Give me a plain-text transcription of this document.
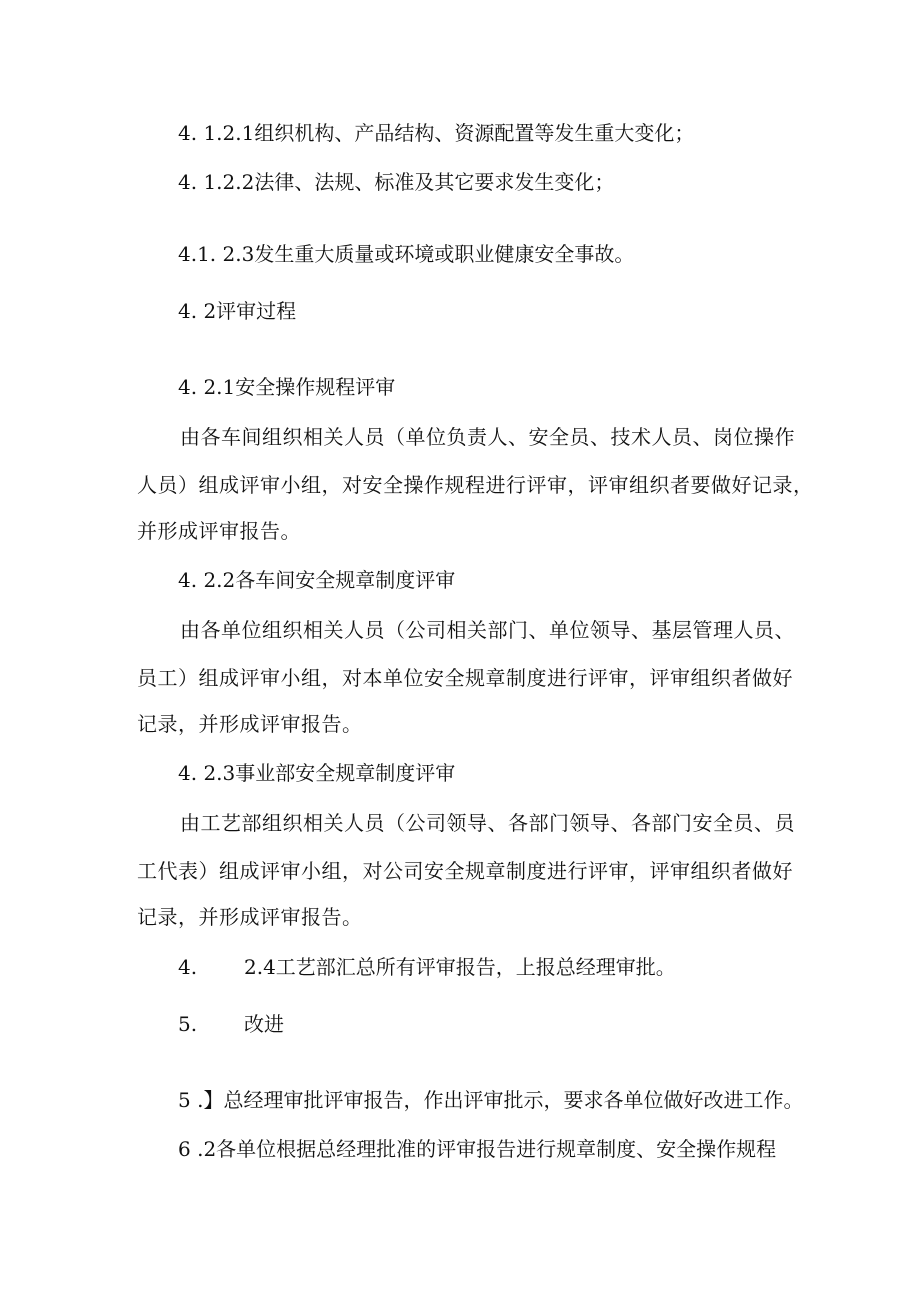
4. 1.2.1组织机构、产品结构、资源配置等发生重大变化；
4. 1.2.2法律、法规、标准及其它要求发生变化；
4.1. 2.3发生重大质量或环境或职业健康安全事故。
4. 2评审过程
4. 2.1安全操作规程评审
由各车间组织相关人员（单位负责人、安全员、技术人员、岗位操作
人员）组成评审小组，对安全操作规程进行评审，评审组织者要做好记录，
并形成评审报告。
4. 2.2各车间安全规章制度评审
由各单位组织相关人员（公司相关部门、单位领导、基层管理人员、
员工）组成评审小组，对本单位安全规章制度进行评审，评审组织者做好
记录，并形成评审报告。
4. 2.3事业部安全规章制度评审
由工艺部组织相关人员（公司领导、各部门领导、各部门安全员、员
工代表）组成评审小组，对公司安全规章制度进行评审，评审组织者做好
记录，并形成评审报告。
4. 2.4工艺部汇总所有评审报告，上报总经理审批。
5. 改进
5 .】总经理审批评审报告，作出评审批示，要求各单位做好改进工作。
6 .2各单位根据总经理批准的评审报告进行规章制度、安全操作规程
